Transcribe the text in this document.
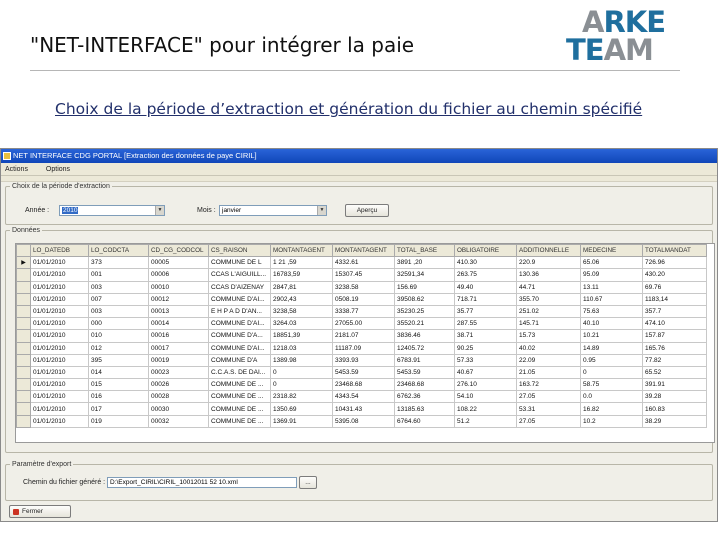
"NET-INTERFACE" pour intégrer la paie
ARKE
TEAM
Choix de la période d’extraction et génération du fichier au chemin spécifié
NET INTERFACE CDG PORTAL [Extraction des données de paye CIRIL]
Actions	Options
Choix de la période d'extraction
Année :	2010	▼	Mois : janvier	▼	Aperçu
Données
	LO_DATEDB	LO_CODCTA	CD_CG_CODCOL	CS_RAISON	MONTANTAGENT	MONTANTAGENT	TOTAL_BASE	OBLIGATOIRE	ADDITIONNELLE	MEDECINE	TOTALMANDAT
▶	01/01/2010	373	00005	COMMUNE DE L	1 21 ,59	4332.61	3891 ,20	410.30	220.9	65.06	726.96
	01/01/2010	001	00006	CCAS L'AIGUILL...	16783,59	15307.45	32591,34	263.75	130.36	95.09	430.20
	01/01/2010	003	00010	CCAS D'AIZENAY	2847,81	3238.58	156.69	49.40	44.71	13.11	69.76
	01/01/2010	007	00012	COMMUNE D'AI...	2902,43	0508.19	39508.62	718.71	355.70	110.67	1183,14
	01/01/2010	003	00013	E H P A D D'AN...	3238,58	3338.77	35230.25	35.77	251.02	75.63	357.7
	01/01/2010	000	00014	COMMUNE D'AI...	3264.03	27055.00	35520.21	287.55	145.71	40.10	474.10
	01/01/2010	010	00016	COMMUNE D'A...	18851,39	2181.07	3836.46	38.71	15.73	10.21	157.87
	01/01/2010	012	00017	COMMUNE D'AI...	1218.03	11187.09	12405.72	90.25	40.02	14.89	165.76
	01/01/2010	395	00019	COMMUNE D'A	1389.98	3393.93	6783.91	57.33	22.09	0.95	77.82
	01/01/2010	014	00023	C.C.A.S. DE DAI...	0	5453.59	5453.59	40.67	21.05	0	65.52
	01/01/2010	015	00026	COMMUNE DE ...	0	23468.68	23468.68	276.10	163.72	58.75	391.91
	01/01/2010	016	00028	COMMUNE DE ...	2318.82	4343.54	6762.36	54.10	27.05	0.0	39.28
	01/01/2010	017	00030	COMMUNE DE ...	1350.69	10431.43	13185.63	108.22	53.31	16.82	160.83
	01/01/2010	019	00032	COMMUNE DE ...	1369.91	5395.08	6764.60	51.2	27.05	10.2	38.29
Paramètre d'export
Chemin du fichier généré : D:\Export_CIRIL\CIRIL_10012011 52 10.xml	...
Fermer
